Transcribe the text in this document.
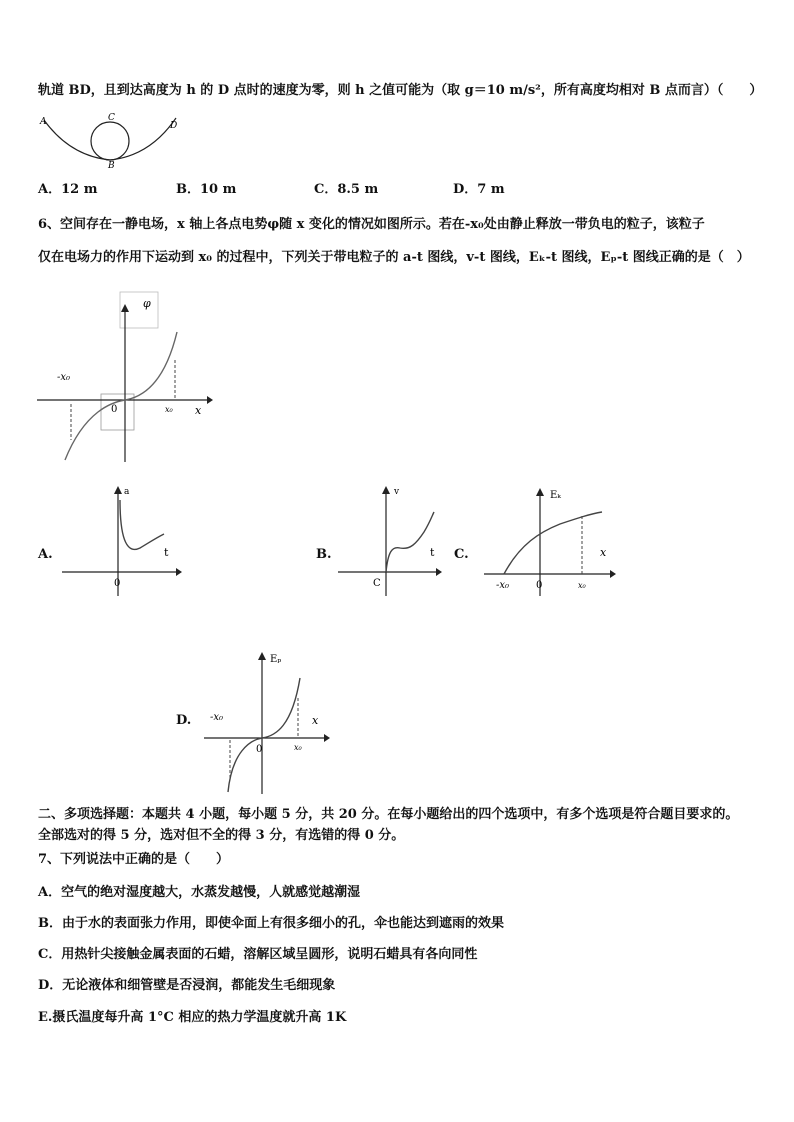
轨道 BD，且到达高度为 h 的 D 点时的速度为零，则 h 之值可能为（取 g＝10 m/s²，所有高度均相对 B 点而言）（　　）
A	C
D
B
A．12 m	B．10 m	C．8.5 m	D．7 m
6、空间存在一静电场，x 轴上各点电势φ随 x 变化的情况如图所示。若在-x₀处由静止释放一带负电的粒子，该粒子
仅在电场力的作用下运动到 x₀ 的过程中，下列关于带电粒子的 a-t 图线，v-t 图线，Eₖ-t 图线，Eₚ-t 图线正确的是（　）
φ
x
0
-x₀
x₀
A.
a
t
0
B.
v
t
C
C.
Eₖ
x
0
-x₀	x₀
D.
Eₚ
x
0
-x₀
x₀
二、多项选择题：本题共 4 小题，每小题 5 分，共 20 分。在每小题给出的四个选项中，有多个选项是符合题目要求的。
全部选对的得 5 分，选对但不全的得 3 分，有选错的得 0 分。
7、下列说法中正确的是（　　）
A．空气的绝对湿度越大，水蒸发越慢，人就感觉越潮湿
B．由于水的表面张力作用，即使伞面上有很多细小的孔，伞也能达到遮雨的效果
C．用热针尖接触金属表面的石蜡，溶解区域呈圆形，说明石蜡具有各向同性
D．无论液体和细管壁是否浸润，都能发生毛细现象
E.摄氏温度每升高 1°C 相应的热力学温度就升高 1K
